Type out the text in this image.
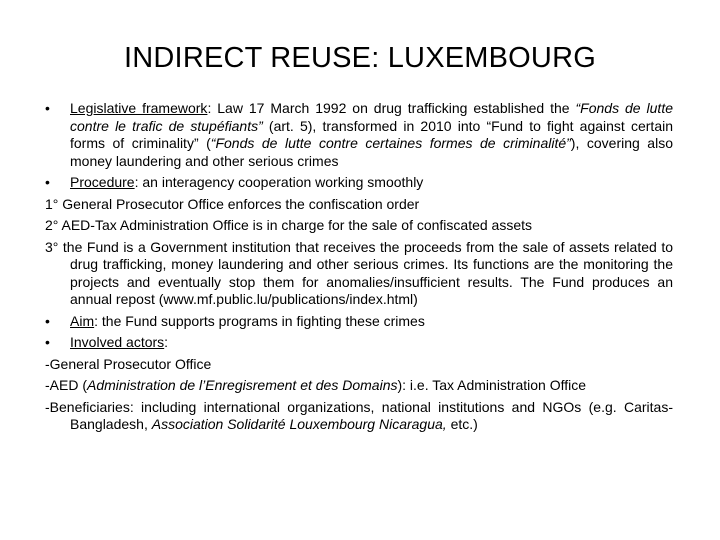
INDIRECT REUSE: LUXEMBOURG
• Legislative framework: Law 17 March 1992 on drug trafficking established the “Fonds de lutte contre le trafic de stupéfiants” (art. 5), transformed in 2010 into “Fund to fight against certain forms of criminality” (“Fonds de lutte contre certaines formes de criminalité”), covering also money laundering and other serious crimes
• Procedure: an interagency cooperation working smoothly
1° General Prosecutor Office enforces the confiscation order
2° AED-Tax Administration Office is in charge for the sale of confiscated assets
3° the Fund is a Government institution that receives the proceeds from the sale of assets related to drug trafficking, money laundering and other serious crimes. Its functions are the monitoring the projects and eventually stop them for anomalies/insufficient results. The Fund produces an annual repost (www.mf.public.lu/publications/index.html)
• Aim: the Fund supports programs in fighting these crimes
• Involved actors:
-General Prosecutor Office
-AED (Administration de l’Enregisrement et des Domains): i.e. Tax Administration Office
-Beneficiaries: including international organizations, national institutions and NGOs (e.g. Caritas-Bangladesh, Association Solidarité Louxembourg Nicaragua, etc.)
